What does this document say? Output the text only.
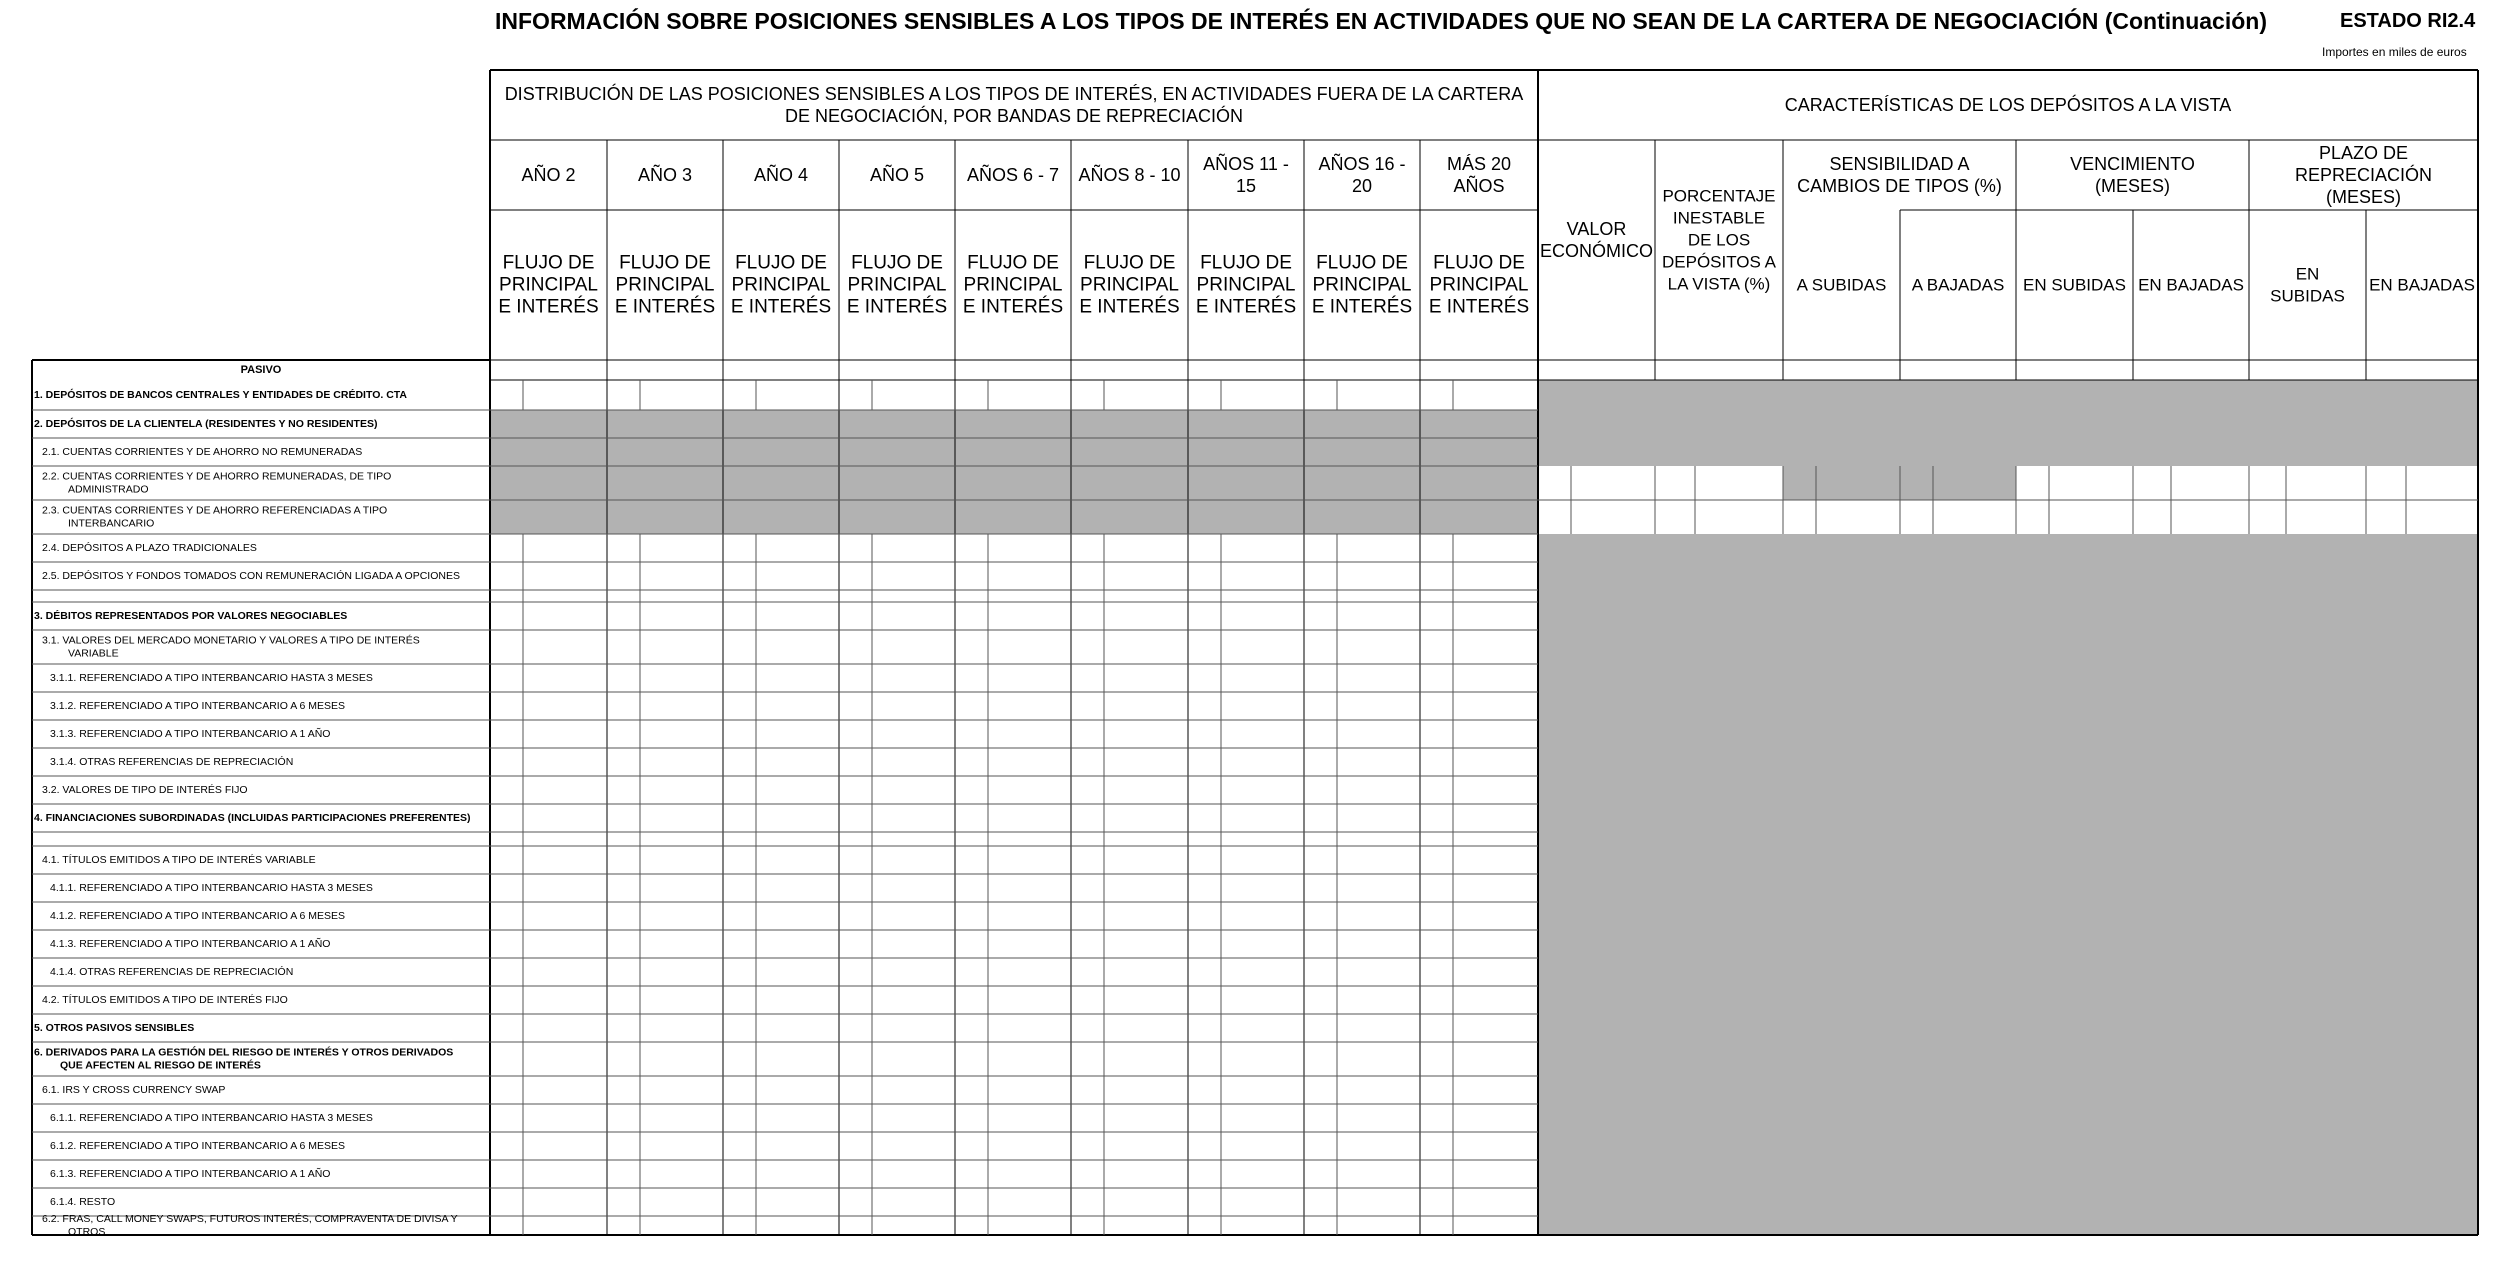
INFORMACIÓN SOBRE POSICIONES SENSIBLES A LOS TIPOS DE INTERÉS EN ACTIVIDADES QUE NO SEAN DE LA CARTERA DE NEGOCIACIÓN (Continuación)	ESTADO RI2.4
Importes en miles de euros
DISTRIBUCIÓN DE LAS POSICIONES SENSIBLES A LOS TIPOS DE INTERÉS, EN ACTIVIDADES FUERA DE LA CARTERA
DE NEGOCIACIÓN, POR BANDAS DE REPRECIACIÓN
CARACTERÍSTICAS DE LOS DEPÓSITOS A LA VISTA
AÑO 2
FLUJO DE
PRINCIPAL
E INTERÉS
AÑO 3
FLUJO DE
PRINCIPAL
E INTERÉS
AÑO 4
FLUJO DE
PRINCIPAL
E INTERÉS
AÑO 5
FLUJO DE
PRINCIPAL
E INTERÉS
AÑOS 6 - 7
FLUJO DE
PRINCIPAL
E INTERÉS
AÑOS 8 - 10
FLUJO DE
PRINCIPAL
E INTERÉS
AÑOS 11 -
15
FLUJO DE
PRINCIPAL
E INTERÉS
AÑOS 16 -
20
FLUJO DE
PRINCIPAL
E INTERÉS
MÁS 20
AÑOS
FLUJO DE
PRINCIPAL
E INTERÉS
VALOR
ECONÓMICO
PORCENTAJE
INESTABLE
DE LOS
DEPÓSITOS A
LA VISTA (%)
SENSIBILIDAD A
CAMBIOS DE TIPOS (%)
VENCIMIENTO
(MESES)
PLAZO DE
REPRECIACIÓN
(MESES)
A SUBIDAS A BAJADAS EN SUBIDAS EN BAJADAS
EN
SUBIDAS
EN BAJADAS
PASIVO
1. DEPÓSITOS DE BANCOS CENTRALES Y ENTIDADES DE CRÉDITO. CTA
2. DEPÓSITOS DE LA CLIENTELA (RESIDENTES Y NO RESIDENTES)
2.1. CUENTAS CORRIENTES Y DE AHORRO NO REMUNERADAS
2.2. CUENTAS CORRIENTES Y DE AHORRO REMUNERADAS, DE TIPO
ADMINISTRADO
2.3. CUENTAS CORRIENTES Y DE AHORRO REFERENCIADAS A TIPO
INTERBANCARIO
2.4. DEPÓSITOS A PLAZO TRADICIONALES
2.5. DEPÓSITOS Y FONDOS TOMADOS CON REMUNERACIÓN LIGADA A OPCIONES
3. DÉBITOS REPRESENTADOS POR VALORES NEGOCIABLES
3.1. VALORES DEL MERCADO MONETARIO Y VALORES A TIPO DE INTERÉS
VARIABLE
3.1.1. REFERENCIADO A TIPO INTERBANCARIO HASTA 3 MESES
3.1.2. REFERENCIADO A TIPO INTERBANCARIO A 6 MESES
3.1.3. REFERENCIADO A TIPO INTERBANCARIO A 1 AÑO
3.1.4. OTRAS REFERENCIAS DE REPRECIACIÓN
3.2. VALORES DE TIPO DE INTERÉS FIJO
4. FINANCIACIONES SUBORDINADAS (INCLUIDAS PARTICIPACIONES PREFERENTES)
4.1. TÍTULOS EMITIDOS A TIPO DE INTERÉS VARIABLE
4.1.1. REFERENCIADO A TIPO INTERBANCARIO HASTA 3 MESES
4.1.2. REFERENCIADO A TIPO INTERBANCARIO A 6 MESES
4.1.3. REFERENCIADO A TIPO INTERBANCARIO A 1 AÑO
4.1.4. OTRAS REFERENCIAS DE REPRECIACIÓN
4.2. TÍTULOS EMITIDOS A TIPO DE INTERÉS FIJO
5. OTROS PASIVOS SENSIBLES
6. DERIVADOS PARA LA GESTIÓN DEL RIESGO DE INTERÉS Y OTROS DERIVADOS
QUE AFECTEN AL RIESGO DE INTERÉS
6.1. IRS Y CROSS CURRENCY SWAP
6.1.1. REFERENCIADO A TIPO INTERBANCARIO HASTA 3 MESES
6.1.2. REFERENCIADO A TIPO INTERBANCARIO A 6 MESES
6.1.3. REFERENCIADO A TIPO INTERBANCARIO A 1 AÑO
6.1.4. RESTO
6.2. FRAS, CALL MONEY SWAPS, FUTUROS INTERÉS, COMPRAVENTA DE DIVISA Y
OTROS
